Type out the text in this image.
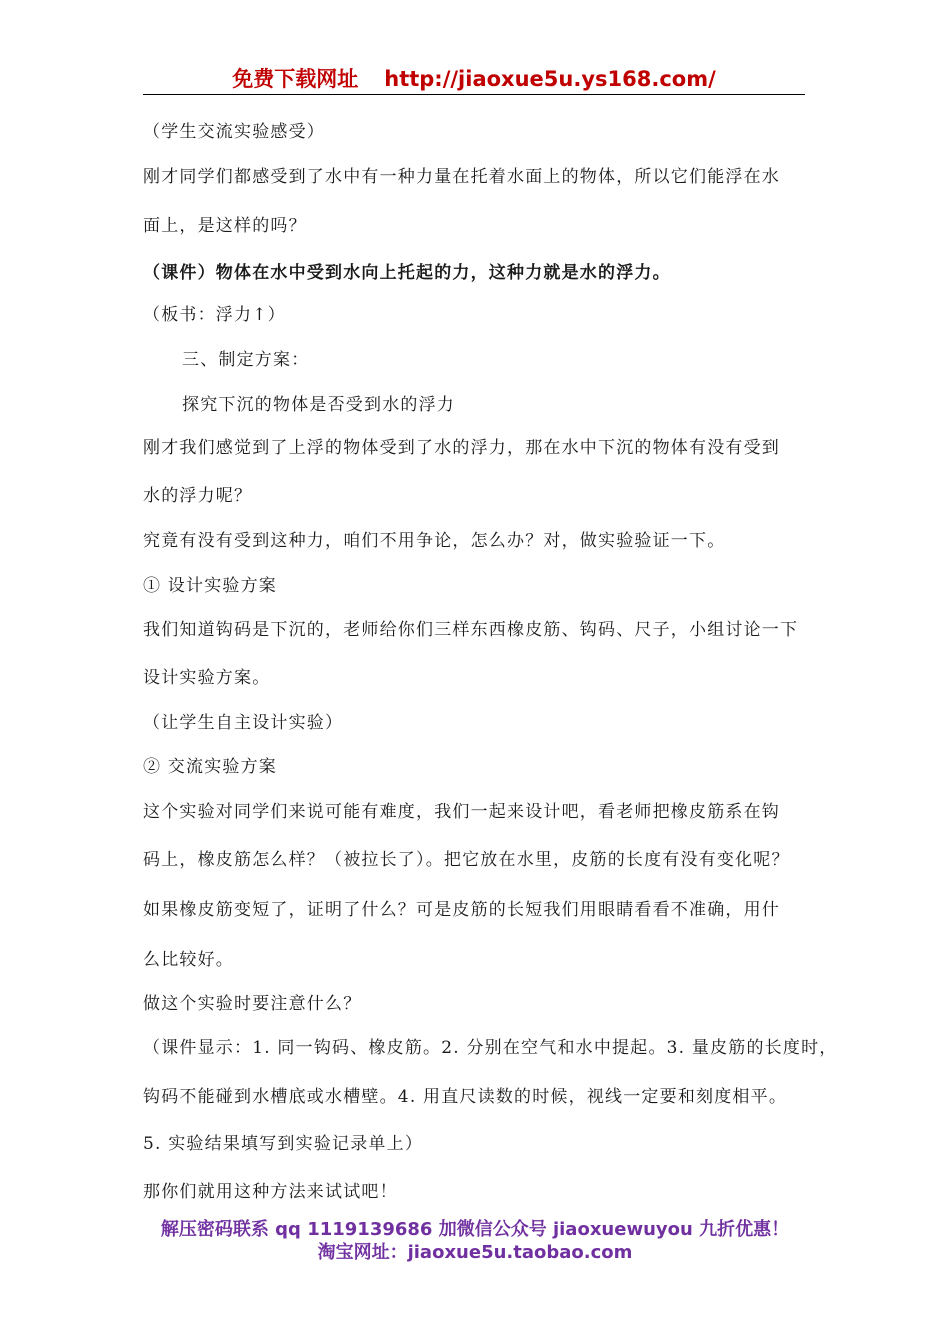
免费下载网址 http://jiaoxue5u.ys168.com/
（学生交流实验感受）
刚才同学们都感受到了水中有一种力量在托着水面上的物体，所以它们能浮在水
面上，是这样的吗？
（课件）物体在水中受到水向上托起的力，这种力就是水的浮力。
（板书：浮力↑）
三、制定方案：
探究下沉的物体是否受到水的浮力
刚才我们感觉到了上浮的物体受到了水的浮力，那在水中下沉的物体有没有受到
水的浮力呢？
究竟有没有受到这种力，咱们不用争论，怎么办？对，做实验验证一下。
① 设计实验方案
我们知道钩码是下沉的，老师给你们三样东西橡皮筋、钩码、尺子，小组讨论一下
设计实验方案。
（让学生自主设计实验）
② 交流实验方案
这个实验对同学们来说可能有难度，我们一起来设计吧，看老师把橡皮筋系在钩
码上，橡皮筋怎么样？（被拉长了）。把它放在水里，皮筋的长度有没有变化呢？
如果橡皮筋变短了，证明了什么？可是皮筋的长短我们用眼睛看看不准确，用什
么比较好。
做这个实验时要注意什么？
（课件显示：1. 同一钩码、橡皮筋。2. 分别在空气和水中提起。3. 量皮筋的长度时，
钩码不能碰到水槽底或水槽壁。4. 用直尺读数的时候，视线一定要和刻度相平。
5. 实验结果填写到实验记录单上）
那你们就用这种方法来试试吧！
解压密码联系 qq 1119139686 加微信公众号 jiaoxuewuyou 九折优惠！
淘宝网址：jiaoxue5u.taobao.com
